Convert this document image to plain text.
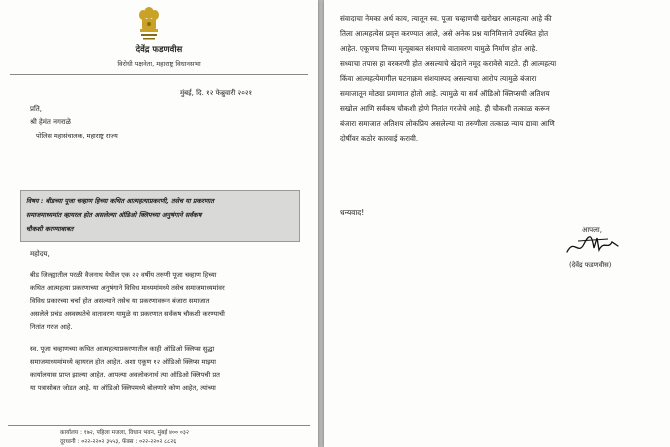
देवेंद्र फडणवीस
विरोधी पक्षनेता, महाराष्ट्र विधानसभा
मुंबई, दि. १२ फेब्रुवारी २०२१
प्रति,
श्री हेमंत नगराळे
पोलिस महासंचालक, महाराष्ट्र राज्य
विषय : बीडच्या पूजा चव्हाण हिच्या कथित आत्महत्याप्रकरणी, तसेच या प्रकरणात
समाजमाध्यमांत व्हायरल होत असलेल्या ऑडिओ क्लिपच्या अनुषंगाने सर्वंकष
चौकशी करण्याबाबत
महोदय,
बीड जिल्ह्यातील परळी वैजनाथ येथील एक २२ वर्षीय तरुणी पूजा चव्हाण हिच्या
कथित आत्महत्या प्रकरणाच्या अनुषंगाने विविध माध्यमांमध्ये तसेच समाजमाध्यमांवर
विविध प्रकारच्या चर्चा होत असल्याने तसेच या प्रकरणावरून बंजारा समाजात
असलेले प्रचंड अस्वस्थतेचे वातावरण यामुळे या प्रकरणात सर्वंकष चौकशी करण्याची
नितांत गरज आहे.
स्व. पूजा चव्हाणच्या कथित आत्महत्याप्रकरणातील काही ऑडिओ क्लिप्स सुद्धा
समाजमाध्यमांमध्ये व्हायरल होत आहेत. अशा एकूण १२ ऑडिओ क्लिप्स माझ्या
कार्यालयास प्राप्त झाल्या आहेत. आपल्या अवलोकनार्थ त्या ऑडिओ क्लिपची प्रत
या पत्रासोबत जोडत आहे. या ऑडिओ क्लिपमध्ये बोलणारे कोण आहेत, त्यांच्या
कार्यालय : १७२, पहिला मजला, विधान भवन, मुंबई ४०० ०३२
दूरध्वनी : ०२२-२२०२ ३५५३, फॅक्स : ०२२-२२०२ ८८२६
संवादाचा नेमका अर्थ काय, त्यातून स्व. पूजा चव्हाणची खरोखर आत्महत्या आहे की
तिला आत्महत्येस प्रवृत्त करण्यात आले, असे अनेक प्रश्न यानिमित्ताने उपस्थित होत
आहेत. एकूणच तिच्या मृत्यूबाबत संशयाचे वातावरण यामुळे निर्माण होत आहे.
सध्याचा तपास हा वरकरणी होत असल्याचे खेदाने नमूद करावेसे वाटते. ही आत्महत्या
किंवा आत्महत्येमागील घटनाक्रम संशयास्पद असल्याचा आरोप त्यामुळे बंजारा
समाजातून मोठ्या प्रमाणात होतो आहे. त्यामुळे या सर्व ऑडिओ क्लिप्सची अतिशय
सखोल आणि सर्वंकष चौकशी होणे नितांत गरजेचे आहे. ही चौकशी तत्काळ करून
बंजारा समाजात अतिशय लोकप्रिय असलेल्या या तरुणीला तत्काळ न्याय द्यावा आणि
दोषींवर कठोर कारवाई करावी.
धन्यवाद!
आपला,
(देवेंद्र फडणवीस)
